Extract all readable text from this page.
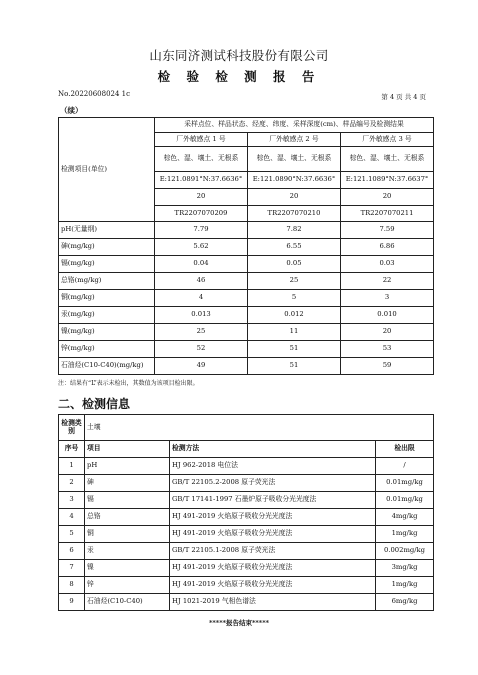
山东同济测试科技股份有限公司
检 验 检 测 报 告
No.20220608024 1c	第 4 页 共 4 页
（续）
检测项目(单位)	采样点位、样品状态、经度、纬度、采样深度(cm)、样品编号及检测结果		
	厂外敏感点 1 号	厂外敏感点 2 号	厂外敏感点 3 号
	棕色、湿、壤土、无根系	棕色、湿、壤土、无根系	棕色、湿、壤土、无根系
	E:121.0891°N:37.6636°	E:121.0890°N:37.6636°	E:121.1089°N:37.6637°
	20	20	20
	TR2207070209	TR2207070210	TR2207070211
pH(无量纲)	7.79	7.82	7.59
砷(mg/kg)	5.62	6.55	6.86
镉(mg/kg)	0.04	0.05	0.03
总铬(mg/kg)	46	25	22
铜(mg/kg)	4	5	3
汞(mg/kg)	0.013	0.012	0.010
镍(mg/kg)	25	11	20
锌(mg/kg)	52	51	53
石油烃(C10-C40)(mg/kg)	49	51	59
注：结果有“L”表示未检出，其数值为该项目检出限。
二、检测信息
检测类别	土壤		
序号	项目	检测方法	检出限
1	pH	HJ 962-2018 电位法	/
2	砷	GB/T 22105.2-2008 原子荧光法	0.01mg/kg
3	镉	GB/T 17141-1997 石墨炉原子吸收分光光度法	0.01mg/kg
4	总铬	HJ 491-2019 火焰原子吸收分光光度法	4mg/kg
5	铜	HJ 491-2019 火焰原子吸收分光光度法	1mg/kg
6	汞	GB/T 22105.1-2008 原子荧光法	0.002mg/kg
7	镍	HJ 491-2019 火焰原子吸收分光光度法	3mg/kg
8	锌	HJ 491-2019 火焰原子吸收分光光度法	1mg/kg
9	石油烃(C10-C40)	HJ 1021-2019 气相色谱法	6mg/kg
*****报告结束*****
